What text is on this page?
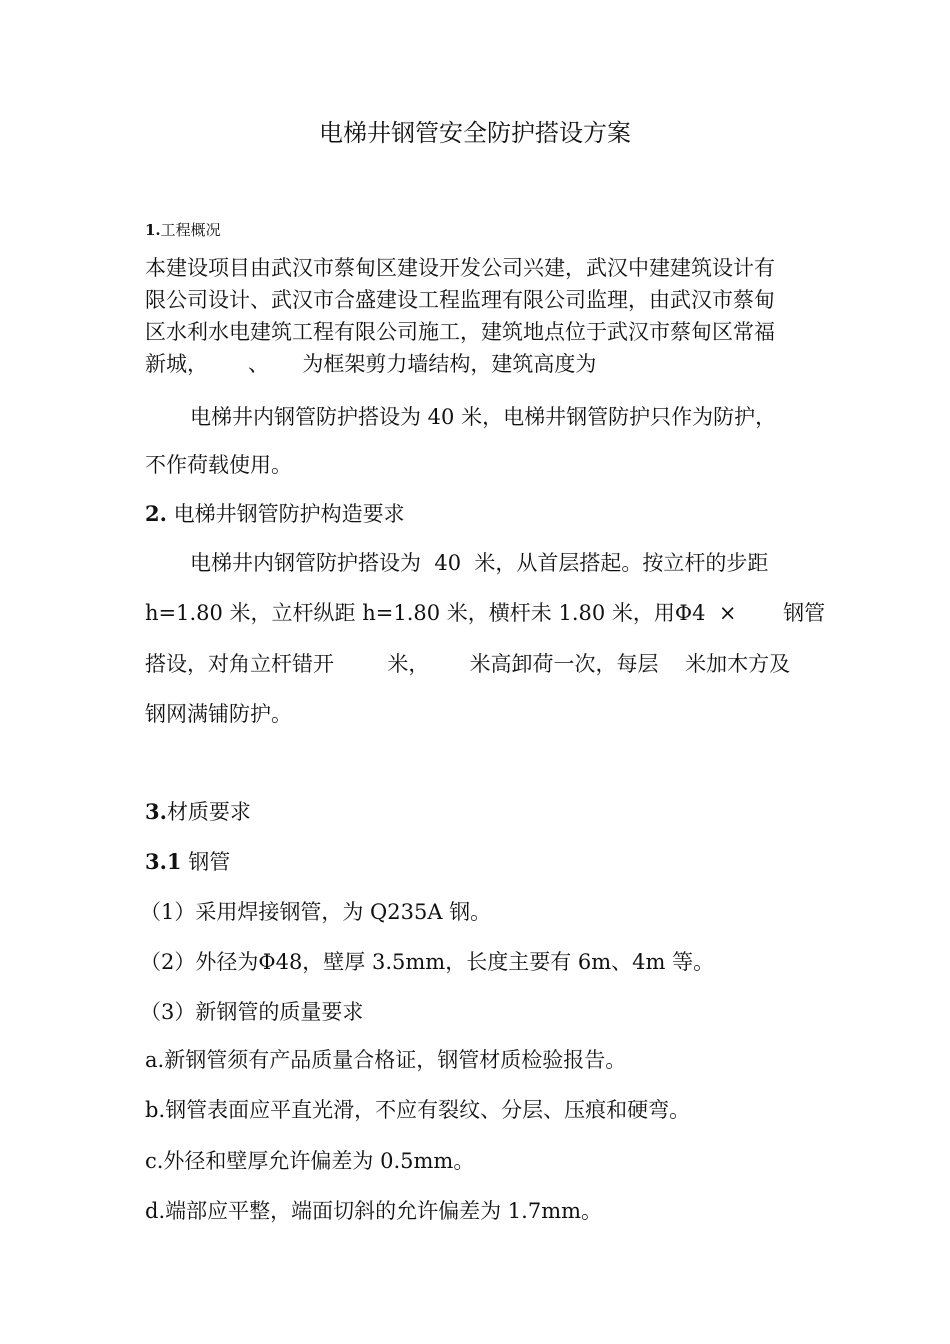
电梯井钢管安全防护搭设方案
1.工程概况
本建设项目由武汉市蔡甸区建设开发公司兴建，武汉中建建筑设计有
限公司设计、武汉市合盛建设工程监理有限公司监理，由武汉市蔡甸
区水利水电建筑工程有限公司施工，建筑地点位于武汉市蔡甸区常福
新城，      、     为框架剪力墙结构，建筑高度为
电梯井内钢管防护搭设为 40 米，电梯井钢管防护只作为防护，
不作荷载使用。
2. 电梯井钢管防护构造要求
电梯井内钢管防护搭设为  40  米，从首层搭起。按立杆的步距
h=1.80 米，立杆纵距 h=1.80 米，横杆未 1.80 米，用Φ4  ×       钢管
搭设，对角立杆错开        米，      米高卸荷一次，每层    米加木方及
钢网满铺防护。
3.材质要求
3.1 钢管
（1）采用焊接钢管，为 Q235A 钢。
（2）外径为Φ48，壁厚 3.5mm，长度主要有 6m、4m 等。
（3）新钢管的质量要求
a.新钢管须有产品质量合格证，钢管材质检验报告。
b.钢管表面应平直光滑，不应有裂纹、分层、压痕和硬弯。
c.外径和壁厚允许偏差为 0.5mm。
d.端部应平整，端面切斜的允许偏差为 1.7mm。
